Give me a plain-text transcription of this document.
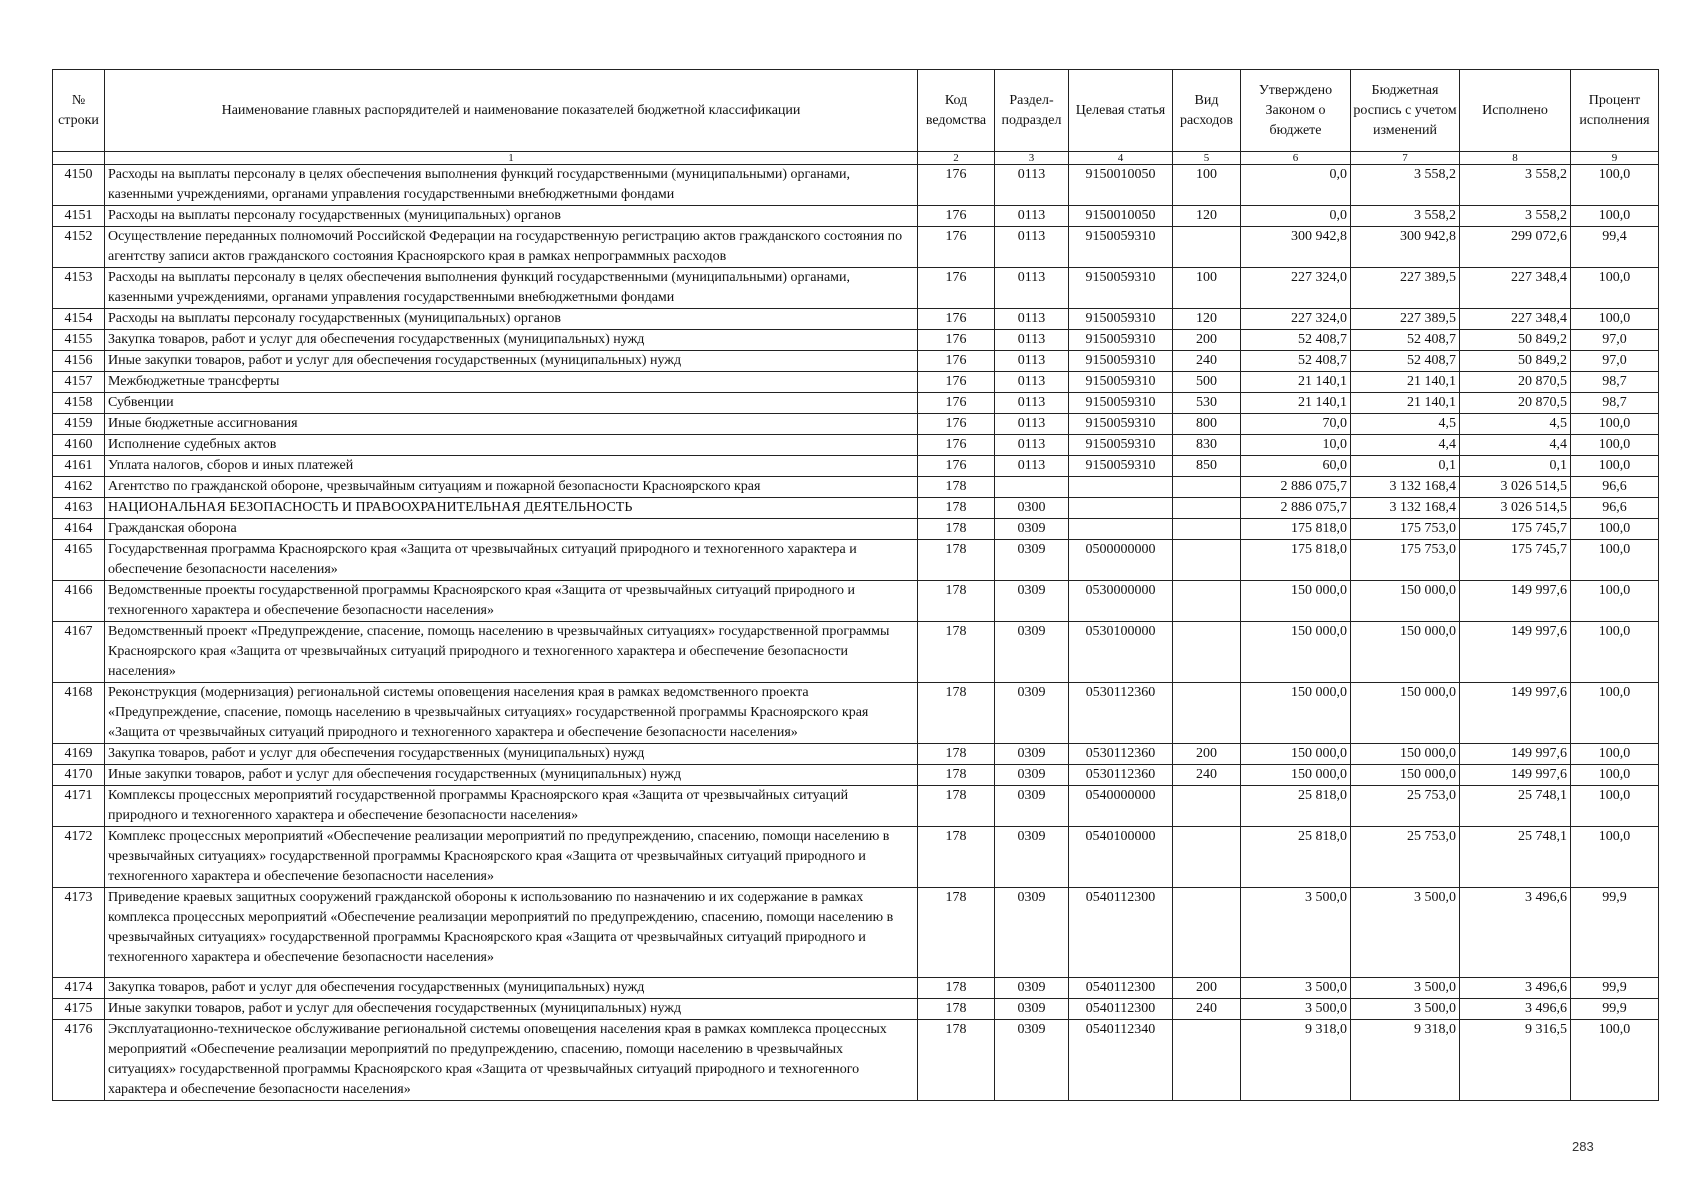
№ строки	Наименование главных распорядителей и наименование показателей бюджетной классификации	Код ведомства	Раздел-подраздел	Целевая статья	Вид расходов	Утверждено Законом о бюджете	Бюджетная роспись с учетом изменений	Исполнено	Процент исполнения
	1	2	3	4	5	6	7	8	9
4150	Расходы на выплаты персоналу в целях обеспечения выполнения функций государственными (муниципальными) органами, казенными учреждениями, органами управления государственными внебюджетными фондами	176	0113	9150010050	100	0,0	3 558,2	3 558,2	100,0
4151	Расходы на выплаты персоналу государственных (муниципальных) органов	176	0113	9150010050	120	0,0	3 558,2	3 558,2	100,0
4152	Осуществление переданных полномочий Российской Федерации на государственную регистрацию актов гражданского состояния по агентству записи актов гражданского состояния Красноярского края в рамках непрограммных расходов	176	0113	9150059310		300 942,8	300 942,8	299 072,6	99,4
4153	Расходы на выплаты персоналу в целях обеспечения выполнения функций государственными (муниципальными) органами, казенными учреждениями, органами управления государственными внебюджетными фондами	176	0113	9150059310	100	227 324,0	227 389,5	227 348,4	100,0
4154	Расходы на выплаты персоналу государственных (муниципальных) органов	176	0113	9150059310	120	227 324,0	227 389,5	227 348,4	100,0
4155	Закупка товаров, работ и услуг для обеспечения государственных (муниципальных) нужд	176	0113	9150059310	200	52 408,7	52 408,7	50 849,2	97,0
4156	Иные закупки товаров, работ и услуг для обеспечения государственных (муниципальных) нужд	176	0113	9150059310	240	52 408,7	52 408,7	50 849,2	97,0
4157	Межбюджетные трансферты	176	0113	9150059310	500	21 140,1	21 140,1	20 870,5	98,7
4158	Субвенции	176	0113	9150059310	530	21 140,1	21 140,1	20 870,5	98,7
4159	Иные бюджетные ассигнования	176	0113	9150059310	800	70,0	4,5	4,5	100,0
4160	Исполнение судебных актов	176	0113	9150059310	830	10,0	4,4	4,4	100,0
4161	Уплата налогов, сборов и иных платежей	176	0113	9150059310	850	60,0	0,1	0,1	100,0
4162	Агентство по гражданской обороне, чрезвычайным ситуациям и пожарной безопасности Красноярского края	178				2 886 075,7	3 132 168,4	3 026 514,5	96,6
4163	НАЦИОНАЛЬНАЯ БЕЗОПАСНОСТЬ И ПРАВООХРАНИТЕЛЬНАЯ ДЕЯТЕЛЬНОСТЬ	178	0300			2 886 075,7	3 132 168,4	3 026 514,5	96,6
4164	Гражданская оборона	178	0309			175 818,0	175 753,0	175 745,7	100,0
4165	Государственная программа Красноярского края «Защита от чрезвычайных ситуаций природного и техногенного характера и обеспечение безопасности населения»	178	0309	0500000000		175 818,0	175 753,0	175 745,7	100,0
4166	Ведомственные проекты государственной программы Красноярского края «Защита от чрезвычайных ситуаций природного и техногенного характера и обеспечение безопасности населения»	178	0309	0530000000		150 000,0	150 000,0	149 997,6	100,0
4167	Ведомственный проект «Предупреждение, спасение, помощь населению в чрезвычайных ситуациях» государственной программы Красноярского края «Защита от чрезвычайных ситуаций природного и техногенного характера и обеспечение безопасности населения»	178	0309	0530100000		150 000,0	150 000,0	149 997,6	100,0
4168	Реконструкция (модернизация) региональной системы оповещения населения края в рамках ведомственного проекта «Предупреждение, спасение, помощь населению в чрезвычайных ситуациях» государственной программы Красноярского края «Защита от чрезвычайных ситуаций природного и техногенного характера и обеспечение безопасности населения»	178	0309	0530112360		150 000,0	150 000,0	149 997,6	100,0
4169	Закупка товаров, работ и услуг для обеспечения государственных (муниципальных) нужд	178	0309	0530112360	200	150 000,0	150 000,0	149 997,6	100,0
4170	Иные закупки товаров, работ и услуг для обеспечения государственных (муниципальных) нужд	178	0309	0530112360	240	150 000,0	150 000,0	149 997,6	100,0
4171	Комплексы процессных мероприятий государственной программы Красноярского края «Защита от чрезвычайных ситуаций природного и техногенного характера и обеспечение безопасности населения»	178	0309	0540000000		25 818,0	25 753,0	25 748,1	100,0
4172	Комплекс процессных мероприятий «Обеспечение реализации мероприятий по предупреждению, спасению, помощи населению в чрезвычайных ситуациях» государственной программы Красноярского края «Защита от чрезвычайных ситуаций природного и техногенного характера и обеспечение безопасности населения»	178	0309	0540100000		25 818,0	25 753,0	25 748,1	100,0
4173	Приведение краевых защитных сооружений гражданской обороны к использованию по назначению и их содержание в рамках комплекса процессных мероприятий «Обеспечение реализации мероприятий по предупреждению, спасению, помощи населению в чрезвычайных ситуациях» государственной программы Красноярского края «Защита от чрезвычайных ситуаций природного и техногенного характера и обеспечение безопасности населения»	178	0309	0540112300		3 500,0	3 500,0	3 496,6	99,9
4174	Закупка товаров, работ и услуг для обеспечения государственных (муниципальных) нужд	178	0309	0540112300	200	3 500,0	3 500,0	3 496,6	99,9
4175	Иные закупки товаров, работ и услуг для обеспечения государственных (муниципальных) нужд	178	0309	0540112300	240	3 500,0	3 500,0	3 496,6	99,9
4176	Эксплуатационно-техническое обслуживание региональной системы оповещения населения края в рамках комплекса процессных мероприятий «Обеспечение реализации мероприятий по предупреждению, спасению, помощи населению в чрезвычайных ситуациях» государственной программы Красноярского края «Защита от чрезвычайных ситуаций природного и техногенного характера и обеспечение безопасности населения»	178	0309	0540112340		9 318,0	9 318,0	9 316,5	100,0
283
